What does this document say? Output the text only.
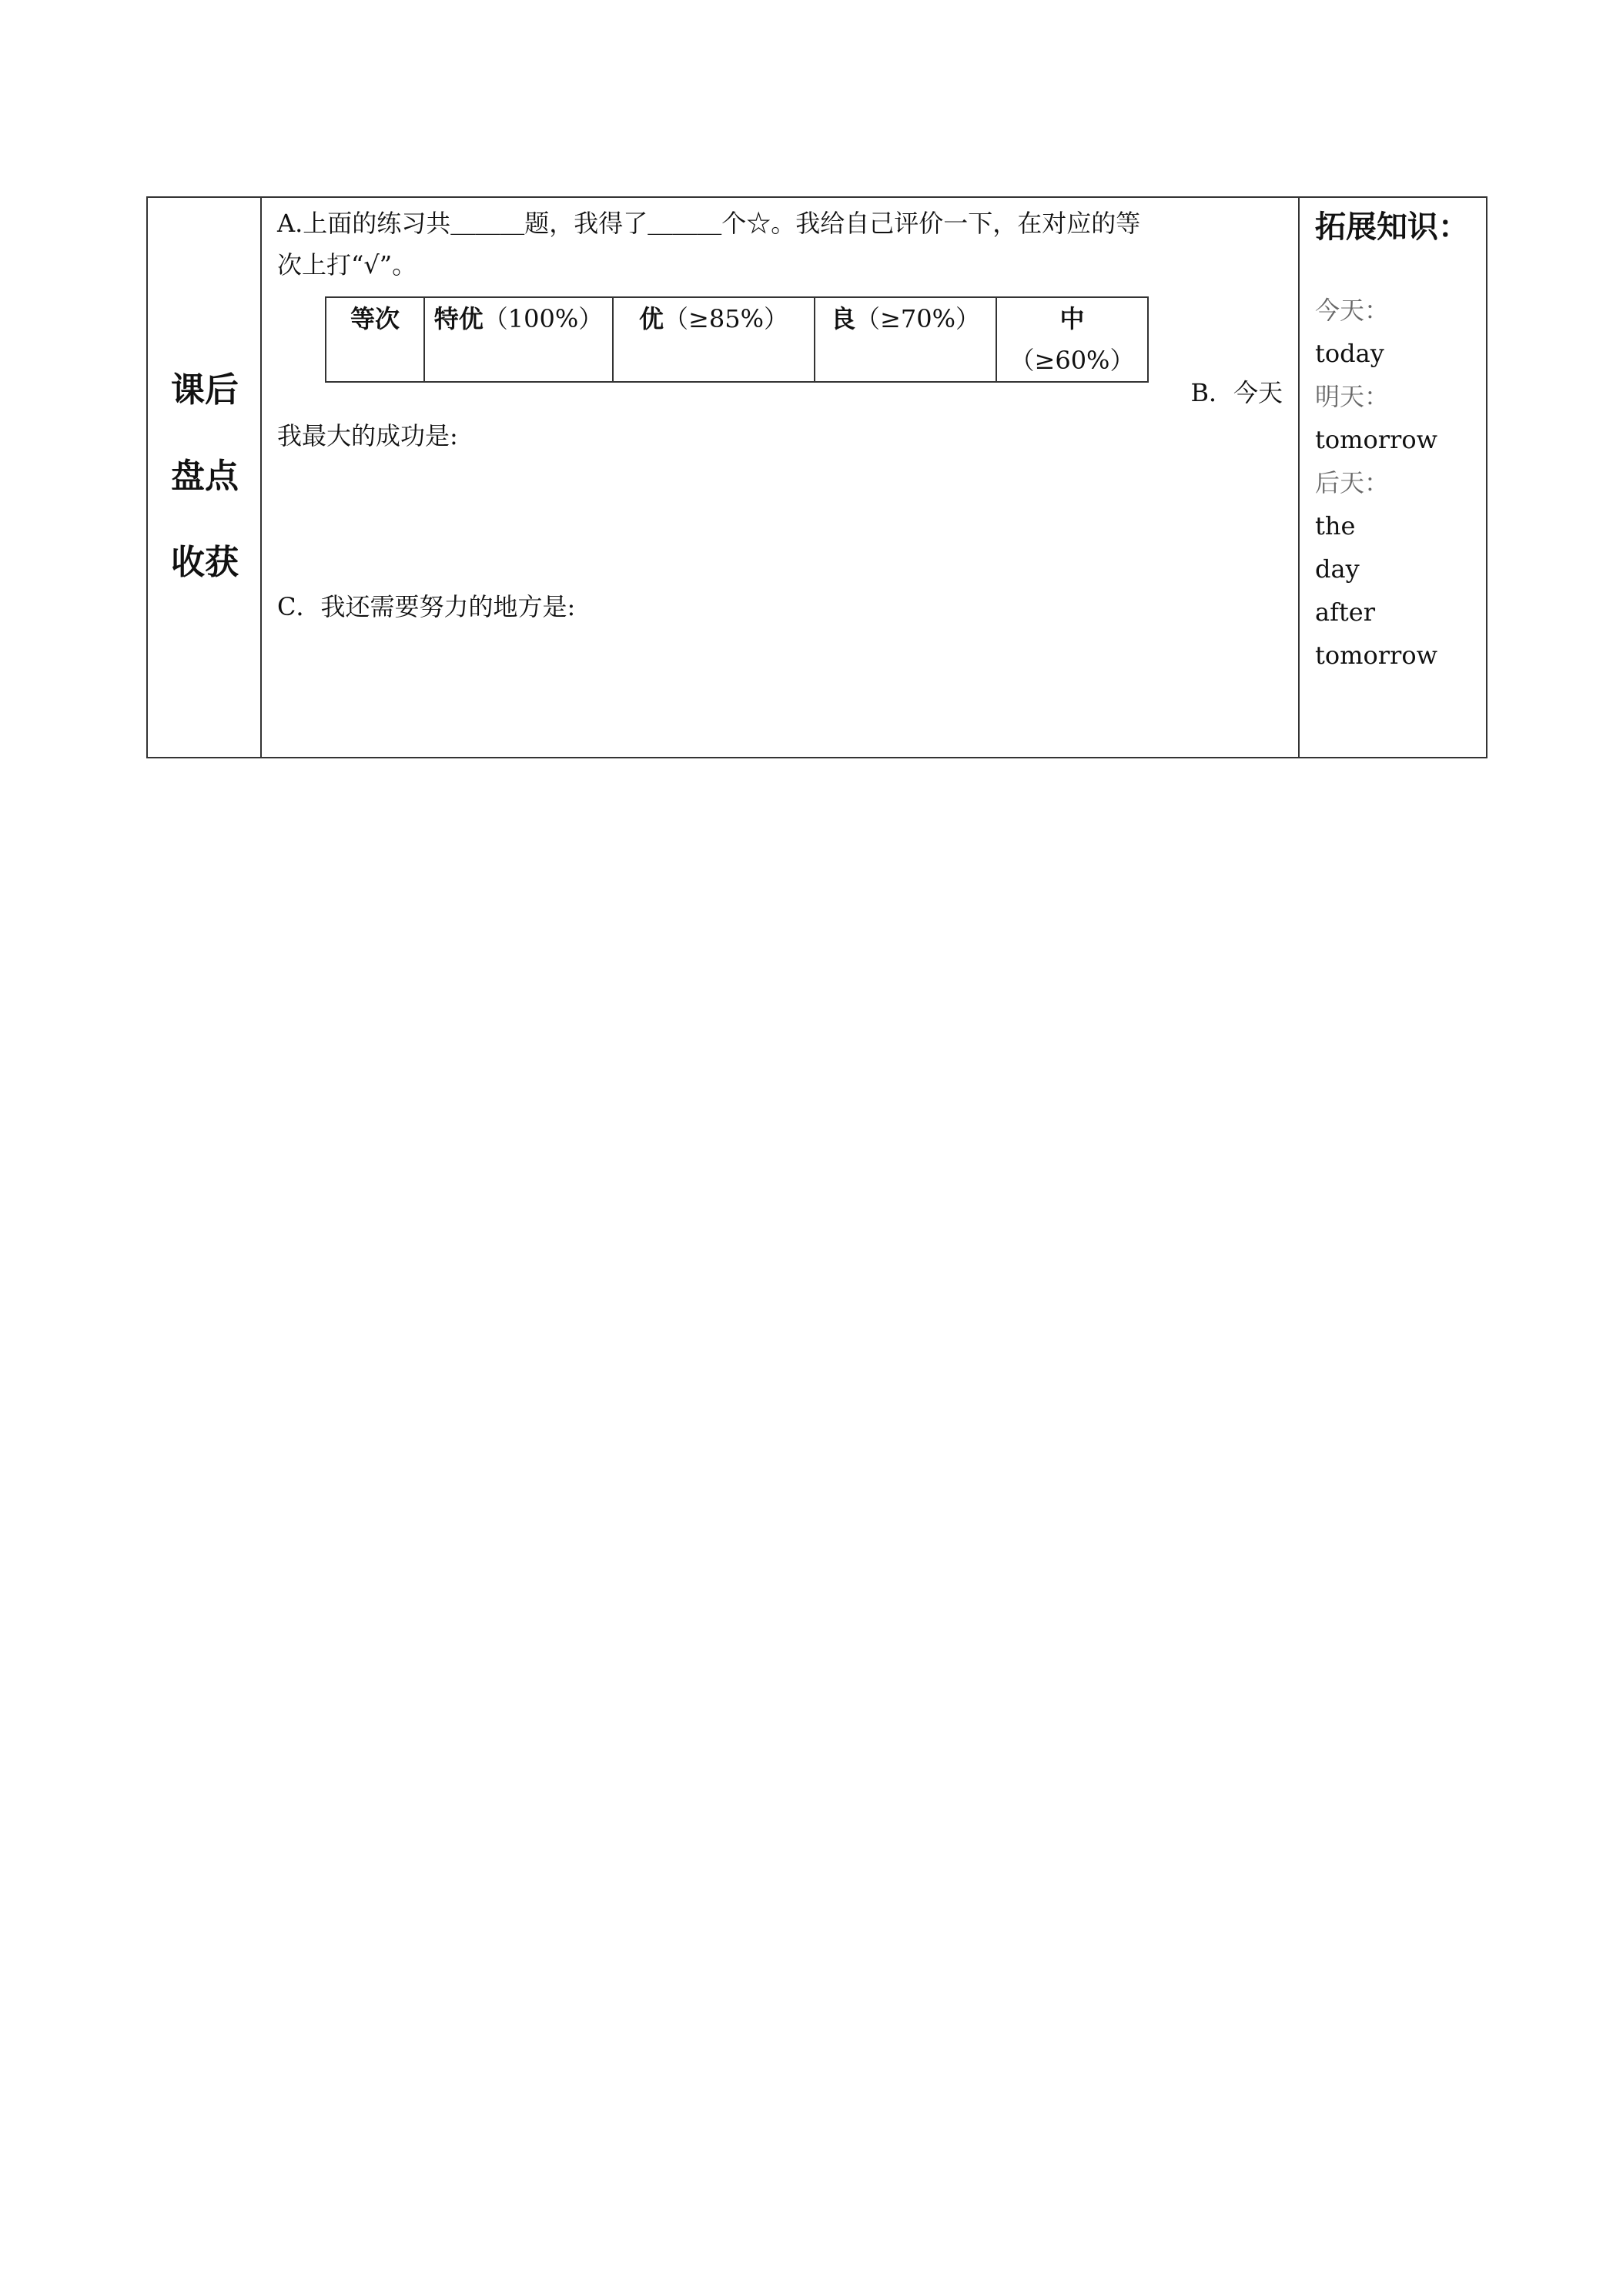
课后
盘点
收获
A.上面的练习共＿＿＿题，我得了＿＿＿个☆。我给自己评价一下，在对应的等
次上打“√”。
等次	特优（100%）	优（≥85%）	良（≥70%）	中
（≥60%）
B．今天
我最大的成功是:
C．我还需要努力的地方是:
拓展知识：
今天：
today
明天：
tomorrow
后天：
the
day
after
tomorrow
